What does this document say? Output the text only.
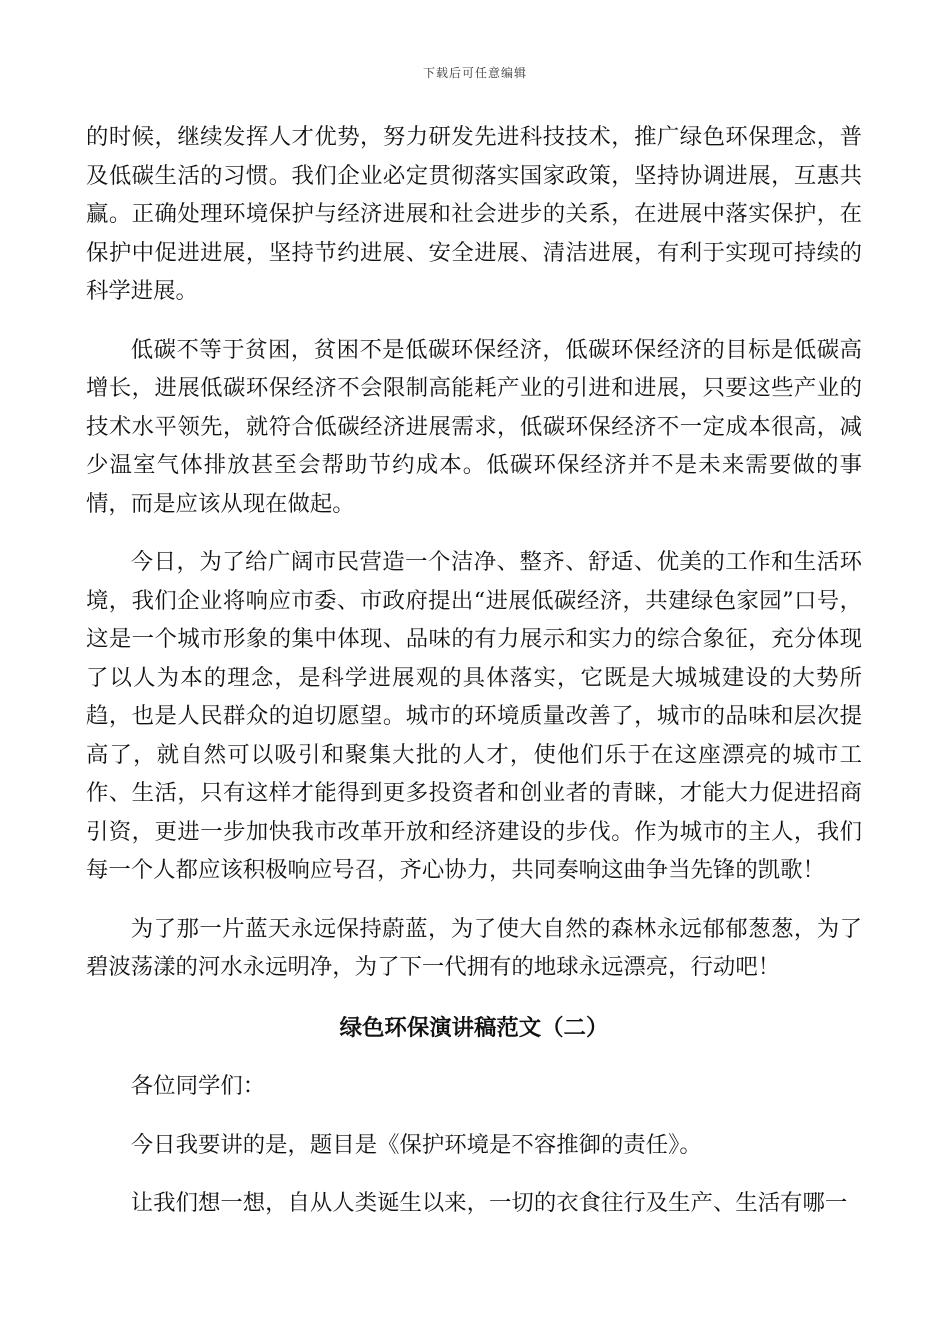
下载后可任意编辑

的时候，继续发挥人才优势，努力研发先进科技技术，推广绿色环保理念，普及低碳生活的习惯。我们企业必定贯彻落实国家政策，坚持协调进展，互惠共赢。正确处理环境保护与经济进展和社会进步的关系，在进展中落实保护，在保护中促进进展，坚持节约进展、安全进展、清洁进展，有利于实现可持续的科学进展。

低碳不等于贫困，贫困不是低碳环保经济，低碳环保经济的目标是低碳高增长，进展低碳环保经济不会限制高能耗产业的引进和进展，只要这些产业的技术水平领先，就符合低碳经济进展需求，低碳环保经济不一定成本很高，减少温室气体排放甚至会帮助节约成本。低碳环保经济并不是未来需要做的事情，而是应该从现在做起。

今日，为了给广阔市民营造一个洁净、整齐、舒适、优美的工作和生活环境，我们企业将响应市委、市政府提出“进展低碳经济，共建绿色家园”口号，这是一个城市形象的集中体现、品味的有力展示和实力的综合象征，充分体现了以人为本的理念，是科学进展观的具体落实，它既是大城城建设的大势所趋，也是人民群众的迫切愿望。城市的环境质量改善了，城市的品味和层次提高了，就自然可以吸引和聚集大批的人才，使他们乐于在这座漂亮的城市工作、生活，只有这样才能得到更多投资者和创业者的青睐，才能大力促进招商引资，更进一步加快我市改革开放和经济建设的步伐。作为城市的主人，我们每一个人都应该积极响应号召，齐心协力，共同奏响这曲争当先锋的凯歌！

为了那一片蓝天永远保持蔚蓝，为了使大自然的森林永远郁郁葱葱，为了碧波荡漾的河水永远明净，为了下一代拥有的地球永远漂亮，行动吧！

绿色环保演讲稿范文（二）

各位同学们：

今日我要讲的是，题目是《保护环境是不容推御的责任》。

让我们想一想，自从人类诞生以来，一切的衣食往行及生产、生活有哪一
